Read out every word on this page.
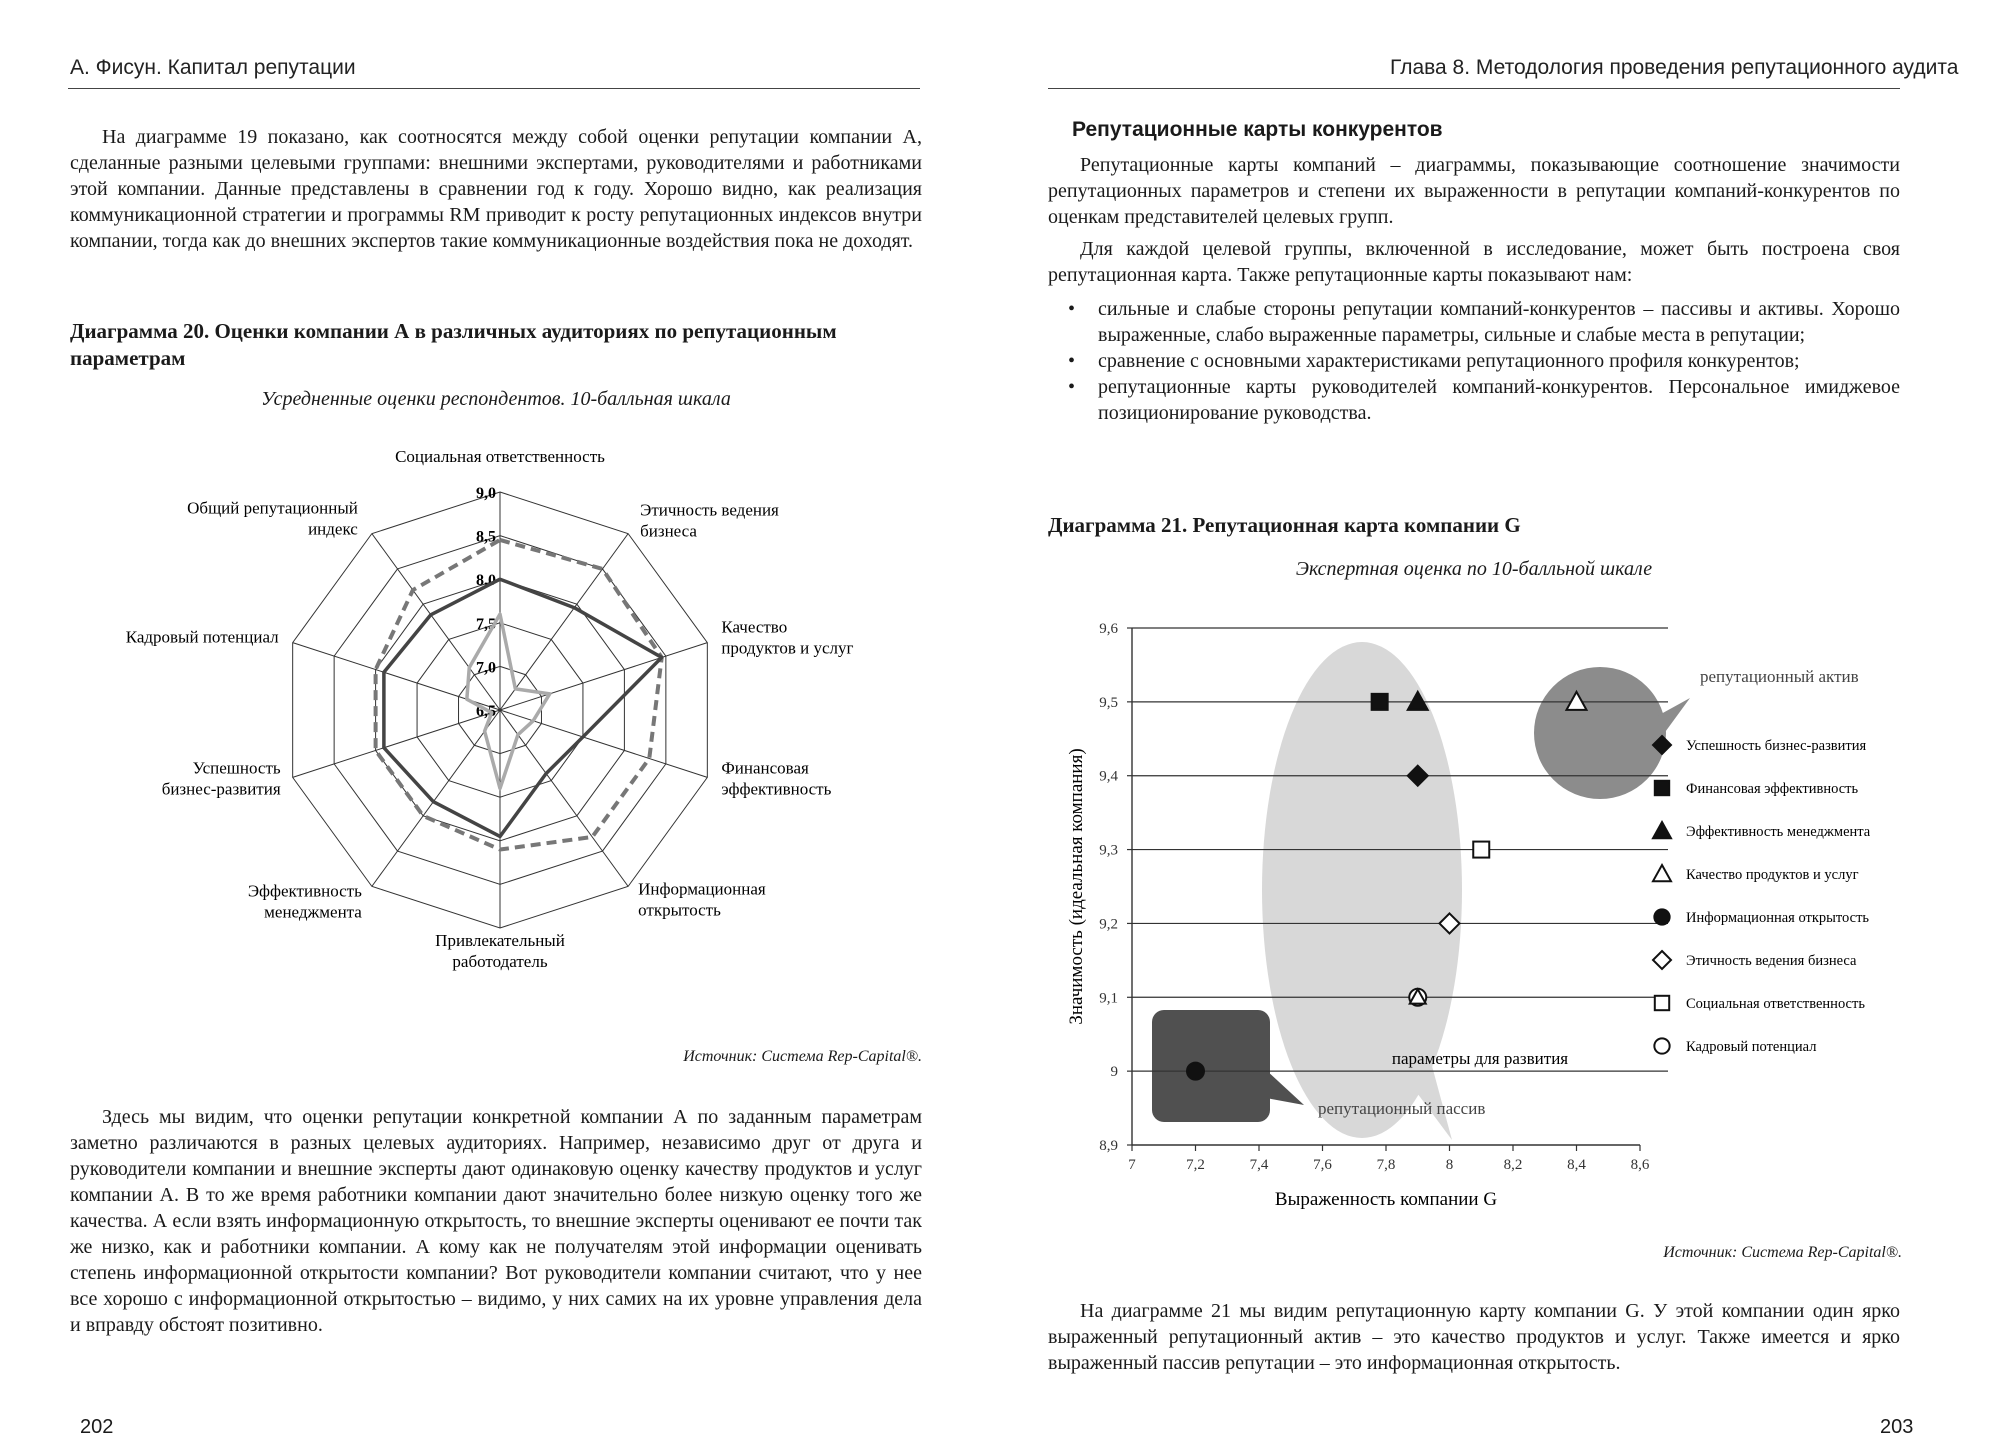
А. Фисун. Капитал репутации

На диаграмме 19 показано, как соотносятся между собой оценки репутации компании А, сделанные разными целевыми группами: внешними экспертами, руководителями и работниками этой компании. Данные представлены в сравнении год к году. Хорошо видно, как реализация коммуникационной стратегии и программы RM приводит к росту репутационных индексов внутри компании, тогда как до внешних экспертов такие коммуникационные воздействия пока не доходят.

Диаграмма 20. Оценки компании А в различных аудиториях по репутационным параметрам

Усредненные оценки респондентов. 10-балльная шкала
6,5
7,0
7,5
8,0
8,5
9,0
Социальная ответственность
Этичность ведения бизнеса
Качество продуктов и услуг
Финансовая эффективность
Информационная открытость
Привлекательный работодатель
Эффективность менеджмента
Успешность бизнес-развития
Кадровый потенциал
Общий репутационный индекс
Источник: Система Rep-Capital®.

Здесь мы видим, что оценки репутации конкретной компании А по заданным параметрам заметно различаются в разных целевых аудиториях. Например, независимо друг от друга и руководители компании и внешние эксперты дают одинаковую оценку качеству продуктов и услуг компании А. В то же время работники компании дают значительно более низкую оценку того же качества. А если взять информационную открытость, то внешние эксперты оценивают ее почти так же низко, как и работники компании. А кому как не получателям этой информации оценивать степень информационной открытости компании? Вот руководители компании считают, что у нее все хорошо с информационной открытостью – видимо, у них самих на их уровне управления дела и вправду обстоят позитивно.

202
Глава 8. Методология проведения репутационного аудита
Репутационные карты конкурентов

Репутационные карты компаний – диаграммы, показывающие соотношение значимости репутационных параметров и степени их выраженности в репутации компаний-конкурентов по оценкам представителей целевых групп.

Для каждой целевой группы, включенной в исследование, может быть построена своя репутационная карта. Также репутационные карты показывают нам:

• сильные и слабые стороны репутации компаний-конкурентов – пассивы и активы. Хорошо выраженные, слабо выраженные параметры, сильные и слабые места в репутации;
• сравнение с основными характеристиками репутационного профиля конкурентов;
• репутационные карты руководителей компаний-конкурентов. Персональное имиджевое позиционирование руководства.

Диаграмма 21. Репутационная карта компании G

Экспертная оценка по 10-балльной шкале
8,9
9
9,1
9,2
9,3
9,4
9,5
9,6
7	7,2	7,4	7,6	7,8	8	8,2	8,4	8,6
Выраженность компании G
Значимость (идеальная компания)
репутационный актив
параметры для развития
репутационный пассив
Успешность бизнес-развития
Финансовая эффективность
Эффективность менеджмента
Качество продуктов и услуг
Информационная открытость
Этичность ведения бизнеса
Социальная ответственность
Кадровый потенциал
Источник: Система Rep-Capital®.

На диаграмме 21 мы видим репутационную карту компании G. У этой компании один ярко выраженный репутационный актив – это качество продуктов и услуг. Также имеется и ярко выраженный пассив репутации – это информационная открытость.

203
